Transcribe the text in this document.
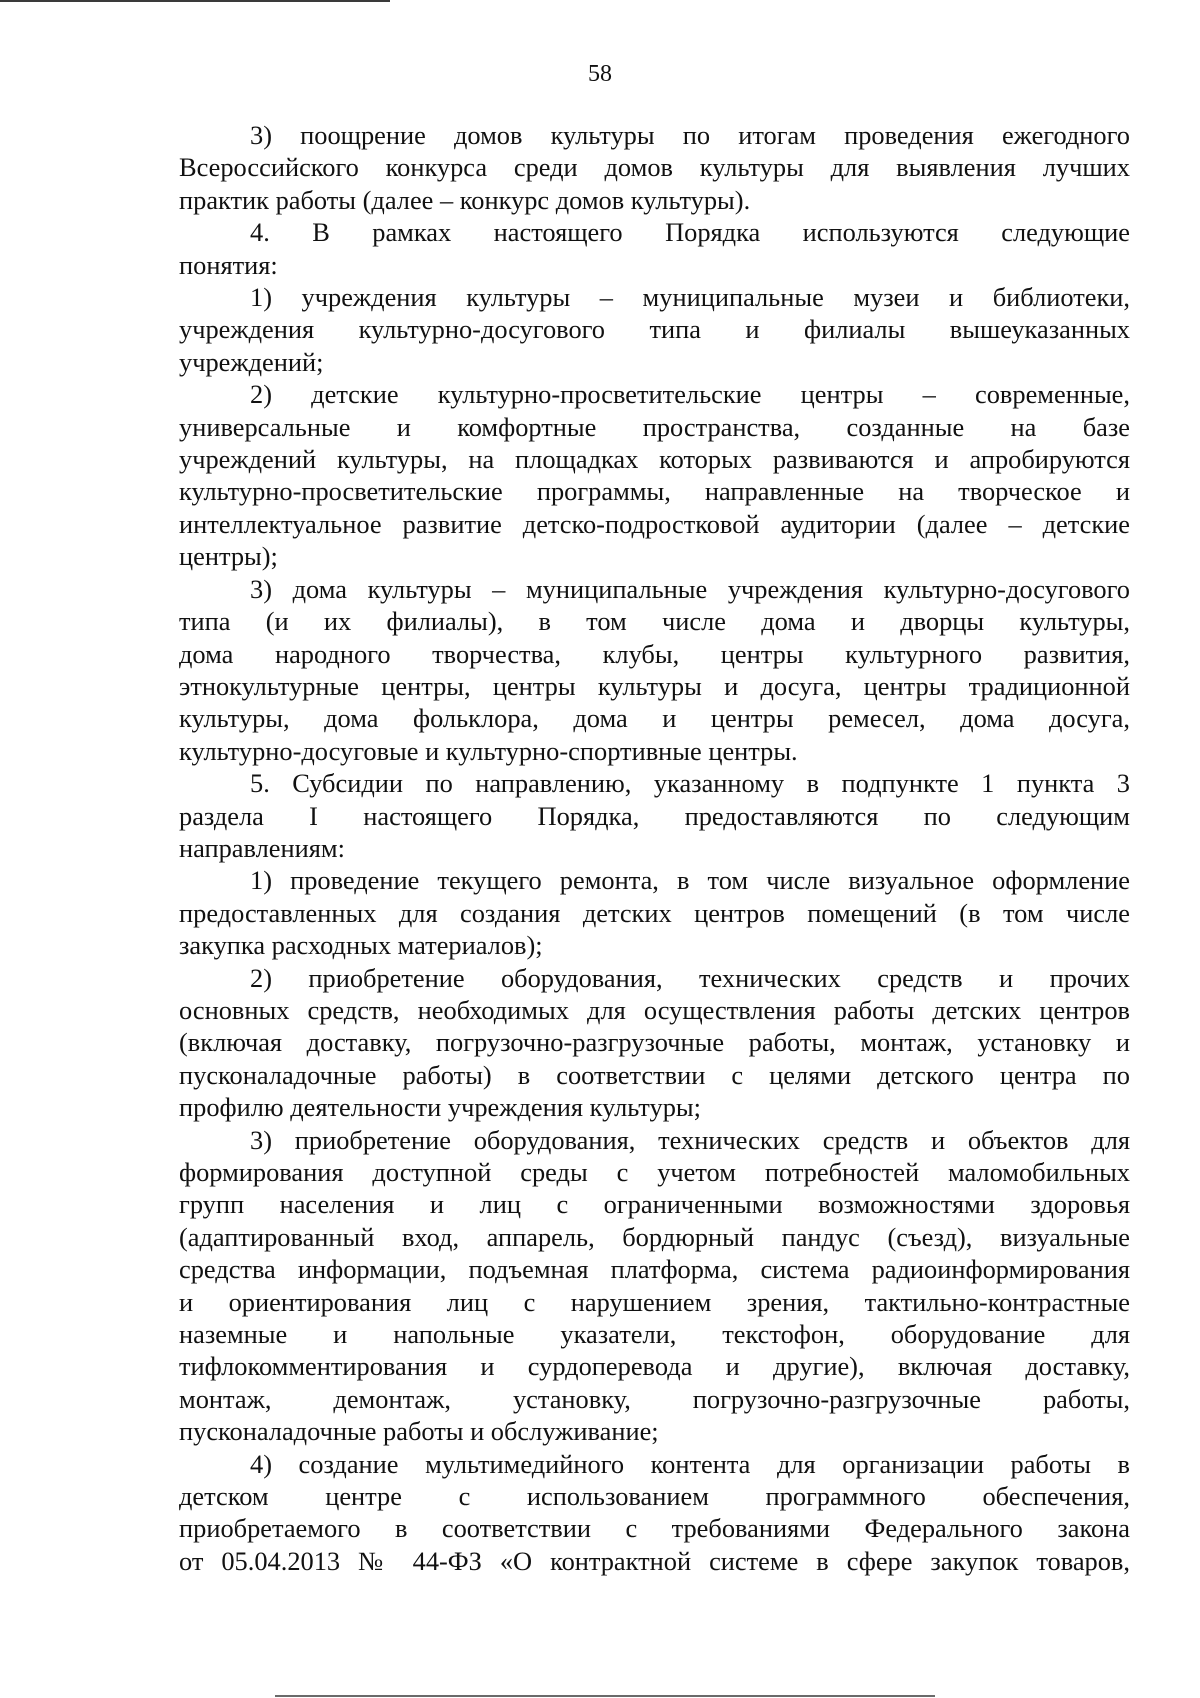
58
3) поощрение домов культуры по итогам проведения ежегодного
Всероссийского конкурса среди домов культуры для выявления лучших
практик работы (далее – конкурс домов культуры).
4. В рамках настоящего Порядка используются следующие
понятия:
1) учреждения культуры – муниципальные музеи и библиотеки,
учреждения культурно-досугового типа и филиалы вышеуказанных
учреждений;
2) детские культурно-просветительские центры – современные,
универсальные и комфортные пространства, созданные на базе
учреждений культуры, на площадках которых развиваются и апробируются
культурно-просветительские программы, направленные на творческое и
интеллектуальное развитие детско-подростковой аудитории (далее – детские
центры);
3) дома культуры – муниципальные учреждения культурно-досугового
типа (и их филиалы), в том числе дома и дворцы культуры,
дома народного творчества, клубы, центры культурного развития,
этнокультурные центры, центры культуры и досуга, центры традиционной
культуры, дома фольклора, дома и центры ремесел, дома досуга,
культурно-досуговые и культурно-спортивные центры.
5. Субсидии по направлению, указанному в подпункте 1 пункта 3
раздела I настоящего Порядка, предоставляются по следующим
направлениям:
1) проведение текущего ремонта, в том числе визуальное оформление
предоставленных для создания детских центров помещений (в том числе
закупка расходных материалов);
2) приобретение оборудования, технических средств и прочих
основных средств, необходимых для осуществления работы детских центров
(включая доставку, погрузочно-разгрузочные работы, монтаж, установку и
пусконаладочные работы) в соответствии с целями детского центра по
профилю деятельности учреждения культуры;
3) приобретение оборудования, технических средств и объектов для
формирования доступной среды с учетом потребностей маломобильных
групп населения и лиц с ограниченными возможностями здоровья
(адаптированный вход, аппарель, бордюрный пандус (съезд), визуальные
средства информации, подъемная платформа, система радиоинформирования
и ориентирования лиц с нарушением зрения, тактильно-контрастные
наземные и напольные указатели, текстофон, оборудование для
тифлокомментирования и сурдоперевода и другие), включая доставку,
монтаж, демонтаж, установку, погрузочно-разгрузочные работы,
пусконаладочные работы и обслуживание;
4) создание мультимедийного контента для организации работы в
детском центре с использованием программного обеспечения,
приобретаемого в соответствии с требованиями Федерального закона
от 05.04.2013 № 44-ФЗ «О контрактной системе в сфере закупок товаров,
